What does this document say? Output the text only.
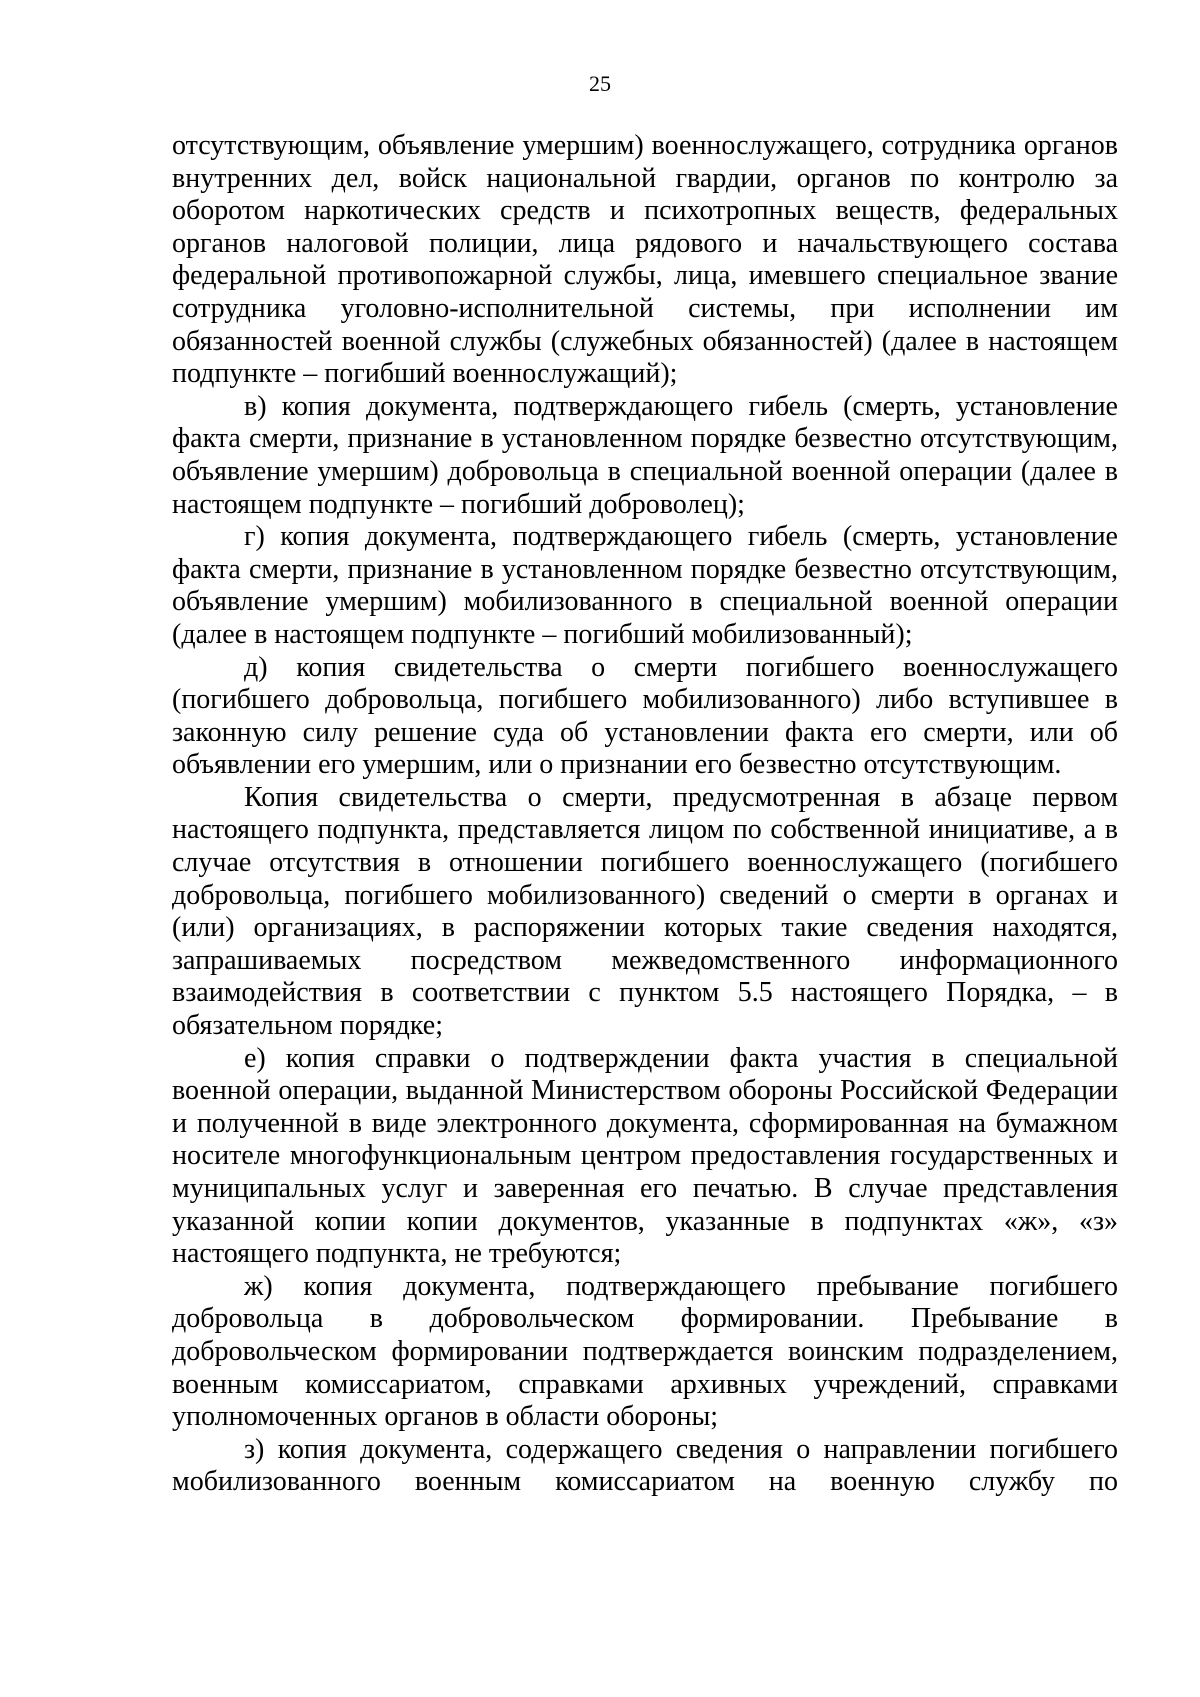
25

отсутствующим, объявление умершим) военнослужащего, сотрудника органов внутренних дел, войск национальной гвардии, органов по контролю за оборотом наркотических средств и психотропных веществ, федеральных органов налоговой полиции, лица рядового и начальствующего состава федеральной противопожарной службы, лица, имевшего специальное звание сотрудника уголовно-исполнительной системы, при исполнении им обязанностей военной службы (служебных обязанностей) (далее в настоящем подпункте – погибший военнослужащий);

в) копия документа, подтверждающего гибель (смерть, установление факта смерти, признание в установленном порядке безвестно отсутствующим, объявление умершим) добровольца в специальной военной операции (далее в настоящем подпункте – погибший доброволец);

г) копия документа, подтверждающего гибель (смерть, установление факта смерти, признание в установленном порядке безвестно отсутствующим, объявление умершим) мобилизованного в специальной военной операции (далее в настоящем подпункте – погибший мобилизованный);

д) копия свидетельства о смерти погибшего военнослужащего (погибшего добровольца, погибшего мобилизованного) либо вступившее в законную силу решение суда об установлении факта его смерти, или об объявлении его умершим, или о признании его безвестно отсутствующим.

Копия свидетельства о смерти, предусмотренная в абзаце первом настоящего подпункта, представляется лицом по собственной инициативе, а в случае отсутствия в отношении погибшего военнослужащего (погибшего добровольца, погибшего мобилизованного) сведений о смерти в органах и (или) организациях, в распоряжении которых такие сведения находятся, запрашиваемых посредством межведомственного информационного взаимодействия в соответствии с пунктом 5.5 настоящего Порядка, – в обязательном порядке;

е) копия справки о подтверждении факта участия в специальной военной операции, выданной Министерством обороны Российской Федерации и полученной в виде электронного документа, сформированная на бумажном носителе многофункциональным центром предоставления государственных и муниципальных услуг и заверенная его печатью. В случае представления указанной копии копии документов, указанные в подпунктах «ж», «з» настоящего подпункта, не требуются;

ж) копия документа, подтверждающего пребывание погибшего добровольца в добровольческом формировании. Пребывание в добровольческом формировании подтверждается воинским подразделением, военным комиссариатом, справками архивных учреждений, справками уполномоченных органов в области обороны;

з) копия документа, содержащего сведения о направлении погибшего мобилизованного военным комиссариатом на военную службу по
